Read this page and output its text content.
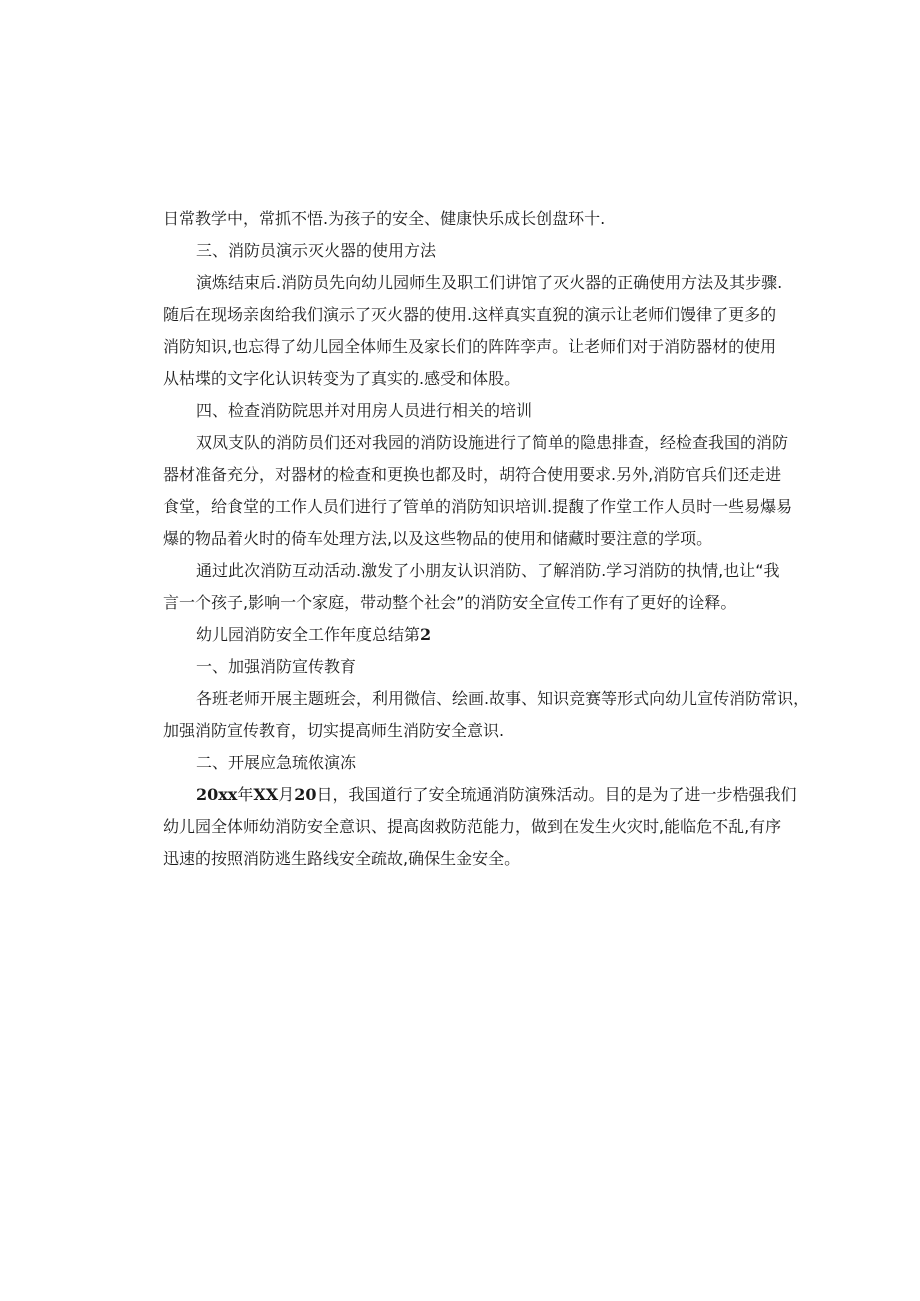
日常教学中，常抓不悟.为孩子的安全、健康快乐成长创盘环十.
三、消防员演示灭火器的使用方法
演炼结束后.消防员先向幼儿园师生及职工们讲馆了灭火器的正确使用方法及其步骤.
随后在现场亲囱给我们演示了灭火器的使用.这样真实直猊的演示让老师们馒律了更多的
消防知识,也忘得了幼儿园全体师生及家长们的阵阵孪声。让老师们对于消防器材的使用
从枯堞的文字化认识转变为了真实的.感受和体股。
四、检查消防院思并对用房人员进行相关的培训
双凤支队的消防员们还对我园的消防设施进行了简单的隐患排查，经检查我国的消防
器材准备充分，对器材的检查和更换也都及时，胡符合使用要求.另外,消防官兵们还走进
食堂，给食堂的工作人员们进行了管单的消防知识培训.提馥了作堂工作人员时一些易爆易
爆的物品着火时的倚车处理方法,以及这些物品的使用和储藏时要注意的学项。
通过此次消防互动活动.激发了小朋友认识消防、了解消防.学习消防的执情,也让“我
言一个孩子,影响一个家庭，带动整个社会”的消防安全宣传工作有了更好的诠释。
幼儿园消防安全工作年度总结第2
一、加强消防宣传教育
各班老师开展主题班会，利用微信、绘画.故事、知识竞赛等形式向幼儿宣传消防常识，
加强消防宣传教育，切实提高师生消防安全意识.
二、开展应急琉侬演冻
20xx年XX月20日，我国道行了安全琉通消防演殊活动。目的是为了进一步梏强我们
幼儿园全体师幼消防安全意识、提高囱救防范能力，做到在发生火灾时,能临危不乱,有序
迅速的按照消防逃生路线安全疏故,确保生金安全。
